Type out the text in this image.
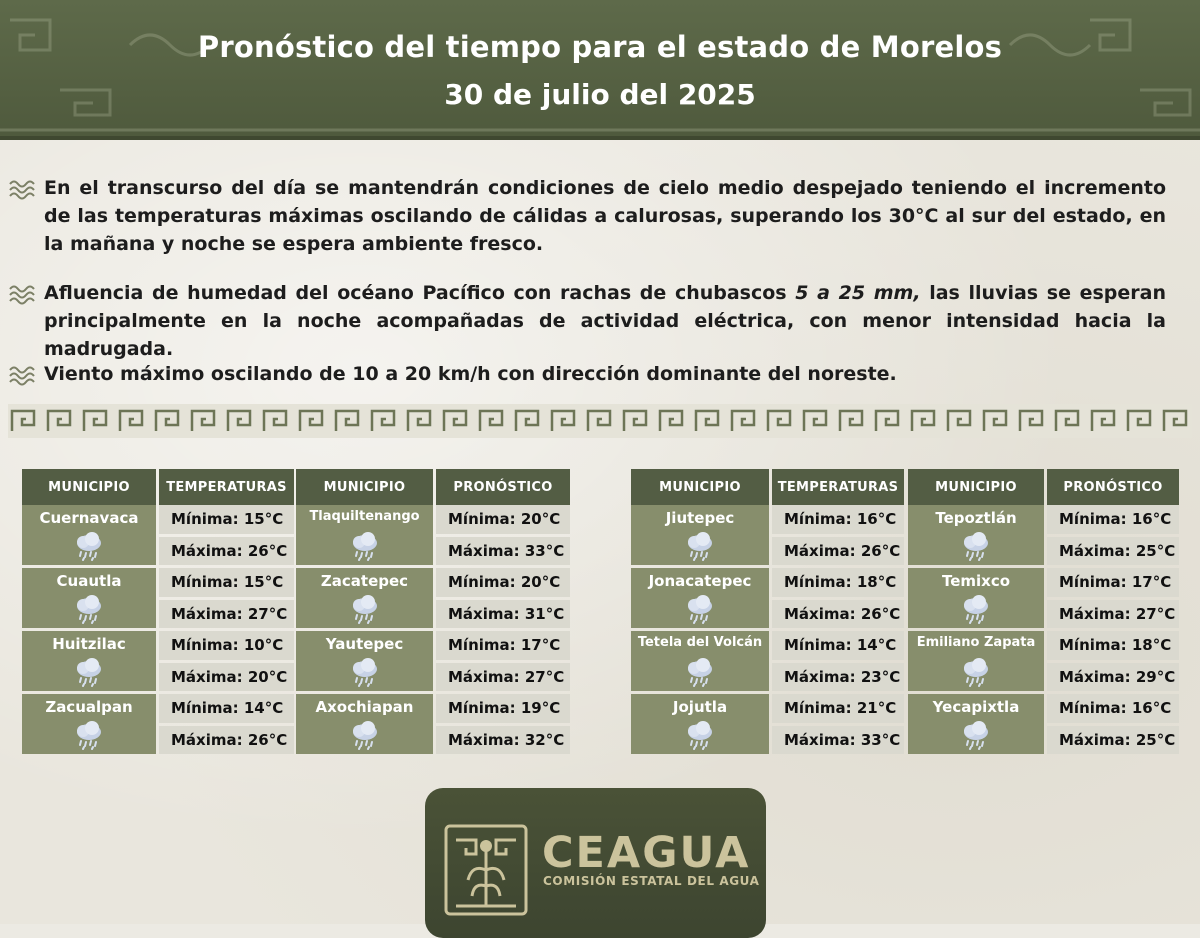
Pronóstico del tiempo para el estado de Morelos
30 de julio del 2025
En el transcurso del día se mantendrán condiciones de cielo medio despejado teniendo el incremento de las temperaturas máximas oscilando de cálidas a calurosas, superando los 30°C al sur del estado, en la mañana y noche se espera ambiente fresco.
Afluencia de humedad del océano Pacífico con rachas de chubascos 5 a 25 mm, las lluvias se esperan principalmente en la noche acompañadas de actividad eléctrica, con menor intensidad hacia la madrugada.
Viento máximo oscilando de 10 a 20 km/h con dirección dominante del noreste.
MUNICIPIO	TEMPERATURAS
Cuernavaca	Mínima: 15°C
Máxima: 26°C
Cuautla	Mínima: 15°C
Máxima: 27°C
Huitzilac	Mínima: 10°C
Máxima: 20°C
Zacualpan	Mínima: 14°C
Máxima: 26°C
MUNICIPIO	PRONÓSTICO
Tlaquiltenango	Mínima: 20°C
Máxima: 33°C
Zacatepec	Mínima: 20°C
Máxima: 31°C
Yautepec	Mínima: 17°C
Máxima: 27°C
Axochiapan	Mínima: 19°C
Máxima: 32°C
MUNICIPIO	TEMPERATURAS
Jiutepec	Mínima: 16°C
Máxima: 26°C
Jonacatepec	Mínima: 18°C
Máxima: 26°C
Tetela del Volcán	Mínima: 14°C
Máxima: 23°C
Jojutla	Mínima: 21°C
Máxima: 33°C
MUNICIPIO	PRONÓSTICO
Tepoztlán	Mínima: 16°C
Máxima: 25°C
Temixco	Mínima: 17°C
Máxima: 27°C
Emiliano Zapata	Mínima: 18°C
Máxima: 29°C
Yecapixtla	Mínima: 16°C
Máxima: 25°C
CEAGUA
COMISIÓN ESTATAL DEL AGUA
